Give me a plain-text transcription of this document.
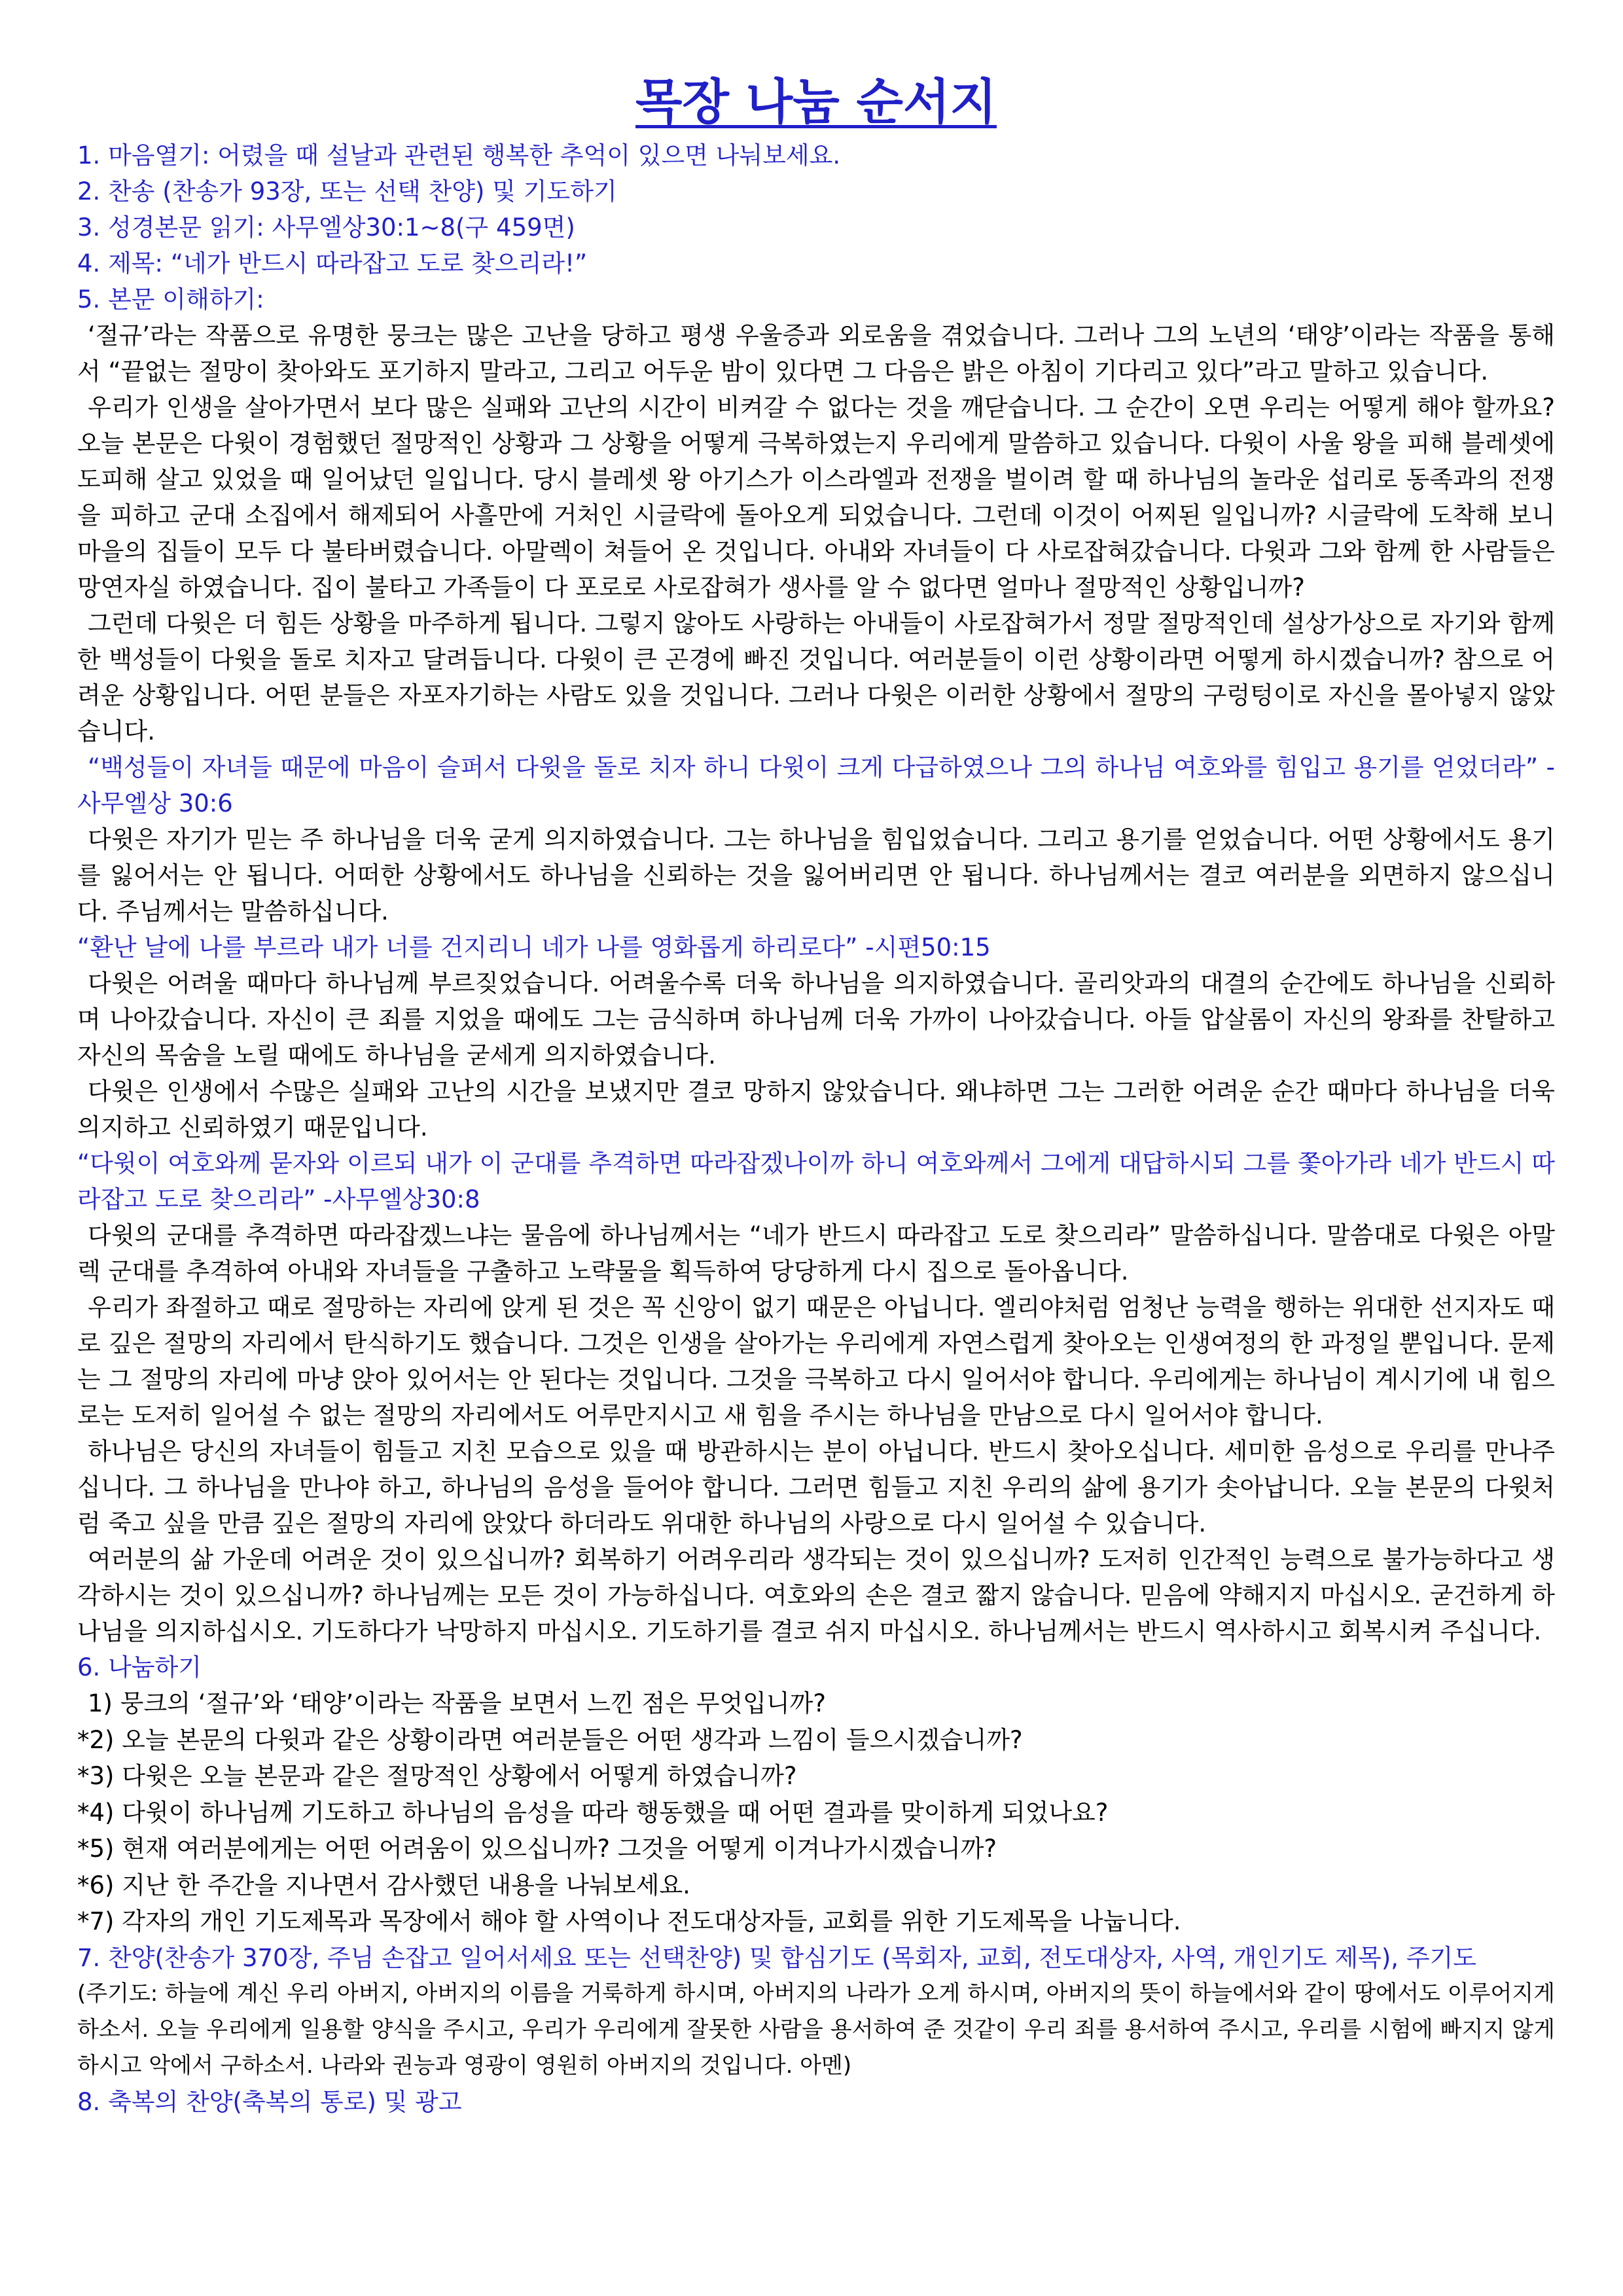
목장 나눔 순서지

1. 마음열기: 어렸을 때 설날과 관련된 행복한 추억이 있으면 나눠보세요.

2. 찬송 (찬송가 93장, 또는 선택 찬양) 및 기도하기

3. 성경본문 읽기: 사무엘상30:1~8(구 459면)

4. 제목: “네가 반드시 따라잡고 도로 찾으리라!”

5. 본문 이해하기:

‘절규’라는 작품으로 유명한 뭉크는 많은 고난을 당하고 평생 우울증과 외로움을 겪었습니다. 그러나 그의 노년의 ‘태양’이라는 작품을 통해서 “끝없는 절망이 찾아와도 포기하지 말라고, 그리고 어두운 밤이 있다면 그 다음은 밝은 아침이 기다리고 있다”라고 말하고 있습니다.

우리가 인생을 살아가면서 보다 많은 실패와 고난의 시간이 비켜갈 수 없다는 것을 깨닫습니다. 그 순간이 오면 우리는 어떻게 해야 할까요? 오늘 본문은 다윗이 경험했던 절망적인 상황과 그 상황을 어떻게 극복하였는지 우리에게 말씀하고 있습니다. 다윗이 사울 왕을 피해 블레셋에 도피해 살고 있었을 때 일어났던 일입니다. 당시 블레셋 왕 아기스가 이스라엘과 전쟁을 벌이려 할 때 하나님의 놀라운 섭리로 동족과의 전쟁을 피하고 군대 소집에서 해제되어 사흘만에 거처인 시글락에 돌아오게 되었습니다. 그런데 이것이 어찌된 일입니까? 시글락에 도착해 보니 마을의 집들이 모두 다 불타버렸습니다. 아말렉이 쳐들어 온 것입니다. 아내와 자녀들이 다 사로잡혀갔습니다. 다윗과 그와 함께 한 사람들은 망연자실 하였습니다. 집이 불타고 가족들이 다 포로로 사로잡혀가 생사를 알 수 없다면 얼마나 절망적인 상황입니까?

그런데 다윗은 더 힘든 상황을 마주하게 됩니다. 그렇지 않아도 사랑하는 아내들이 사로잡혀가서 정말 절망적인데 설상가상으로 자기와 함께한 백성들이 다윗을 돌로 치자고 달려듭니다. 다윗이 큰 곤경에 빠진 것입니다. 여러분들이 이런 상황이라면 어떻게 하시겠습니까? 참으로 어려운 상황입니다. 어떤 분들은 자포자기하는 사람도 있을 것입니다. 그러나 다윗은 이러한 상황에서 절망의 구렁텅이로 자신을 몰아넣지 않았습니다.

“백성들이 자녀들 때문에 마음이 슬퍼서 다윗을 돌로 치자 하니 다윗이 크게 다급하였으나 그의 하나님 여호와를 힘입고 용기를 얻었더라” -사무엘상 30:6

다윗은 자기가 믿는 주 하나님을 더욱 굳게 의지하였습니다. 그는 하나님을 힘입었습니다. 그리고 용기를 얻었습니다. 어떤 상황에서도 용기를 잃어서는 안 됩니다. 어떠한 상황에서도 하나님을 신뢰하는 것을 잃어버리면 안 됩니다. 하나님께서는 결코 여러분을 외면하지 않으십니다. 주님께서는 말씀하십니다.

“환난 날에 나를 부르라 내가 너를 건지리니 네가 나를 영화롭게 하리로다” -시편50:15

다윗은 어려울 때마다 하나님께 부르짖었습니다. 어려울수록 더욱 하나님을 의지하였습니다. 골리앗과의 대결의 순간에도 하나님을 신뢰하며 나아갔습니다. 자신이 큰 죄를 지었을 때에도 그는 금식하며 하나님께 더욱 가까이 나아갔습니다. 아들 압살롬이 자신의 왕좌를 찬탈하고 자신의 목숨을 노릴 때에도 하나님을 굳세게 의지하였습니다.

다윗은 인생에서 수많은 실패와 고난의 시간을 보냈지만 결코 망하지 않았습니다. 왜냐하면 그는 그러한 어려운 순간 때마다 하나님을 더욱 의지하고 신뢰하였기 때문입니다.

“다윗이 여호와께 묻자와 이르되 내가 이 군대를 추격하면 따라잡겠나이까 하니 여호와께서 그에게 대답하시되 그를 쫓아가라 네가 반드시 따라잡고 도로 찾으리라” -사무엘상30:8

다윗의 군대를 추격하면 따라잡겠느냐는 물음에 하나님께서는 “네가 반드시 따라잡고 도로 찾으리라” 말씀하십니다. 말씀대로 다윗은 아말렉 군대를 추격하여 아내와 자녀들을 구출하고 노략물을 획득하여 당당하게 다시 집으로 돌아옵니다.

우리가 좌절하고 때로 절망하는 자리에 앉게 된 것은 꼭 신앙이 없기 때문은 아닙니다. 엘리야처럼 엄청난 능력을 행하는 위대한 선지자도 때로 깊은 절망의 자리에서 탄식하기도 했습니다. 그것은 인생을 살아가는 우리에게 자연스럽게 찾아오는 인생여정의 한 과정일 뿐입니다. 문제는 그 절망의 자리에 마냥 앉아 있어서는 안 된다는 것입니다. 그것을 극복하고 다시 일어서야 합니다. 우리에게는 하나님이 계시기에 내 힘으로는 도저히 일어설 수 없는 절망의 자리에서도 어루만지시고 새 힘을 주시는 하나님을 만남으로 다시 일어서야 합니다.

하나님은 당신의 자녀들이 힘들고 지친 모습으로 있을 때 방관하시는 분이 아닙니다. 반드시 찾아오십니다. 세미한 음성으로 우리를 만나주십니다. 그 하나님을 만나야 하고, 하나님의 음성을 들어야 합니다. 그러면 힘들고 지친 우리의 삶에 용기가 솟아납니다. 오늘 본문의 다윗처럼 죽고 싶을 만큼 깊은 절망의 자리에 앉았다 하더라도 위대한 하나님의 사랑으로 다시 일어설 수 있습니다.

여러분의 삶 가운데 어려운 것이 있으십니까? 회복하기 어려우리라 생각되는 것이 있으십니까? 도저히 인간적인 능력으로 불가능하다고 생각하시는 것이 있으십니까? 하나님께는 모든 것이 가능하십니다. 여호와의 손은 결코 짧지 않습니다. 믿음에 약해지지 마십시오. 굳건하게 하나님을 의지하십시오. 기도하다가 낙망하지 마십시오. 기도하기를 결코 쉬지 마십시오. 하나님께서는 반드시 역사하시고 회복시켜 주십니다.

6. 나눔하기

1) 뭉크의 ‘절규’와 ‘태양’이라는 작품을 보면서 느낀 점은 무엇입니까?

*2) 오늘 본문의 다윗과 같은 상황이라면 여러분들은 어떤 생각과 느낌이 들으시겠습니까?

*3) 다윗은 오늘 본문과 같은 절망적인 상황에서 어떻게 하였습니까?

*4) 다윗이 하나님께 기도하고 하나님의 음성을 따라 행동했을 때 어떤 결과를 맞이하게 되었나요?

*5) 현재 여러분에게는 어떤 어려움이 있으십니까? 그것을 어떻게 이겨나가시겠습니까?

*6) 지난 한 주간을 지나면서 감사했던 내용을 나눠보세요.

*7) 각자의 개인 기도제목과 목장에서 해야 할 사역이나 전도대상자들, 교회를 위한 기도제목을 나눕니다.

7. 찬양(찬송가 370장, 주님 손잡고 일어서세요 또는 선택찬양) 및 합심기도 (목회자, 교회, 전도대상자, 사역, 개인기도 제목), 주기도

(주기도: 하늘에 계신 우리 아버지, 아버지의 이름을 거룩하게 하시며, 아버지의 나라가 오게 하시며, 아버지의 뜻이 하늘에서와 같이 땅에서도 이루어지게 하소서. 오늘 우리에게 일용할 양식을 주시고, 우리가 우리에게 잘못한 사람을 용서하여 준 것같이 우리 죄를 용서하여 주시고, 우리를 시험에 빠지지 않게 하시고 악에서 구하소서. 나라와 권능과 영광이 영원히 아버지의 것입니다. 아멘)

8. 축복의 찬양(축복의 통로) 및 광고
